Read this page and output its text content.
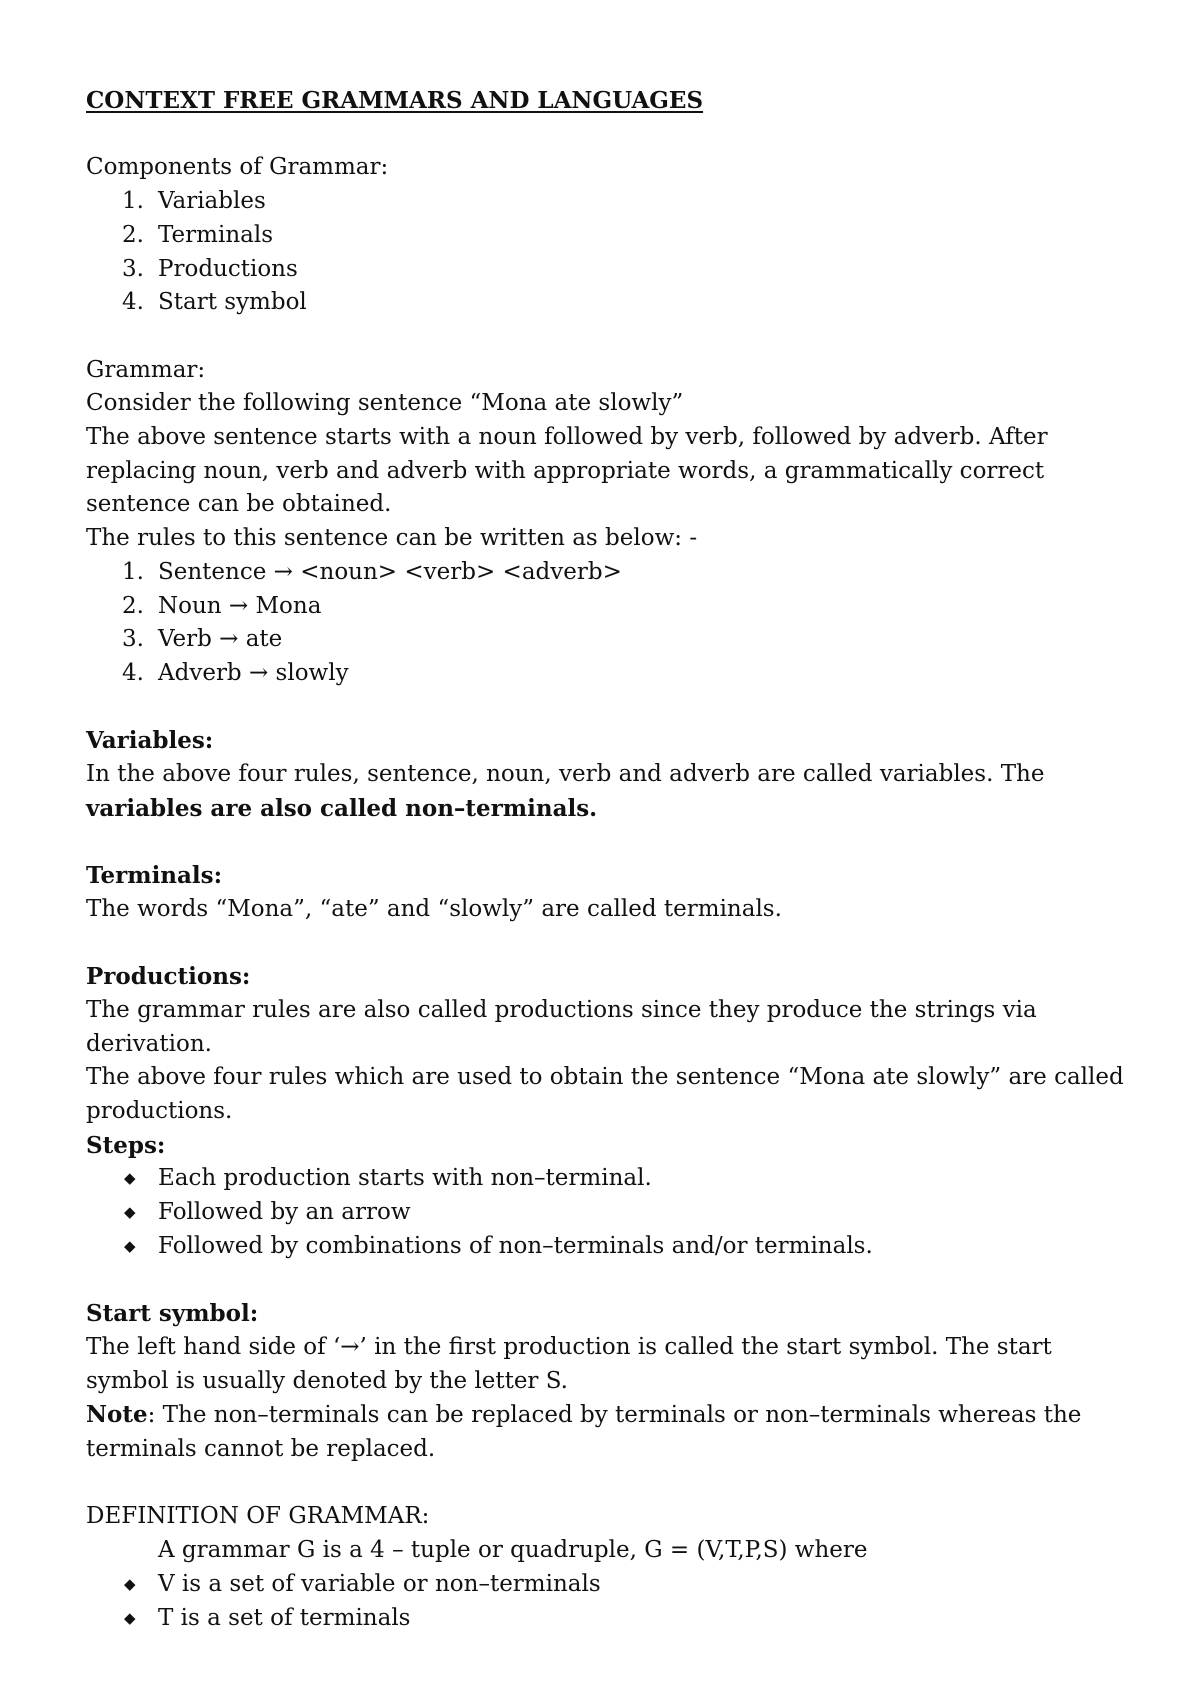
CONTEXT FREE GRAMMARS AND LANGUAGES

Components of Grammar:

1. Variables
2. Terminals
3. Productions
4. Start symbol

Grammar:

Consider the following sentence “Mona ate slowly”

The above sentence starts with a noun followed by verb, followed by adverb. After

replacing noun, verb and adverb with appropriate words, a grammatically correct

sentence can be obtained.

The rules to this sentence can be written as below: -

1. Sentence → <noun> <verb> <adverb>
2. Noun → Mona
3. Verb → ate
4. Adverb → slowly

Variables:

In the above four rules, sentence, noun, verb and adverb are called variables. The

variables are also called non–terminals.

Terminals:

The words “Mona”, “ate” and “slowly” are called terminals.

Productions:

The grammar rules are also called productions since they produce the strings via

derivation.

The above four rules which are used to obtain the sentence “Mona ate slowly” are called

productions.

Steps:

◆ Each production starts with non–terminal.
◆ Followed by an arrow
◆ Followed by combinations of non–terminals and/or terminals.

Start symbol:

The left hand side of ‘→’ in the first production is called the start symbol. The start

symbol is usually denoted by the letter S.

Note: The non–terminals can be replaced by terminals or non–terminals whereas the

terminals cannot be replaced.

DEFINITION OF GRAMMAR:

A grammar G is a 4 – tuple or quadruple, G = (V,T,P,S) where

◆ V is a set of variable or non–terminals
◆ T is a set of terminals
